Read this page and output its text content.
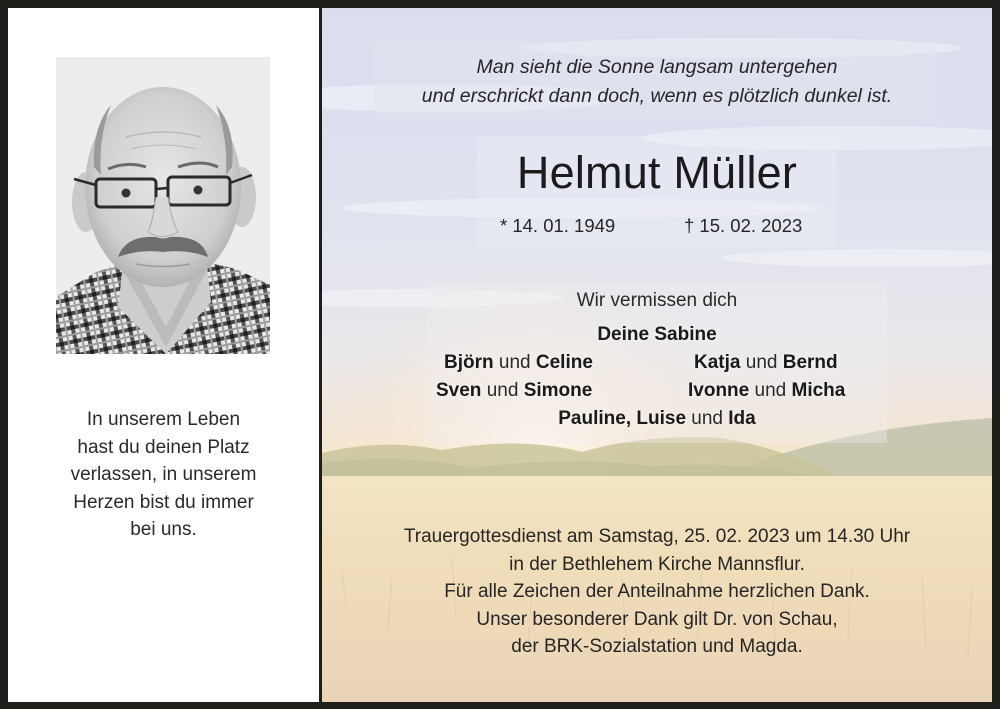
In unserem Leben
hast du deinen Platz
verlassen, in unserem
Herzen bist du immer
bei uns.
Man sieht die Sonne langsam untergehen
und erschrickt dann doch, wenn es plötzlich dunkel ist.
Helmut Müller
* 14. 01. 1949	† 15. 02. 2023
Wir vermissen dich
Deine Sabine
Björn und Celine	Katja und Bernd
Sven und Simone	Ivonne und Micha
Pauline, Luise und Ida
Trauergottesdienst am Samstag, 25. 02. 2023 um 14.30 Uhr
in der Bethlehem Kirche Mannsflur.
Für alle Zeichen der Anteilnahme herzlichen Dank.
Unser besonderer Dank gilt Dr. von Schau,
der BRK-Sozialstation und Magda.
